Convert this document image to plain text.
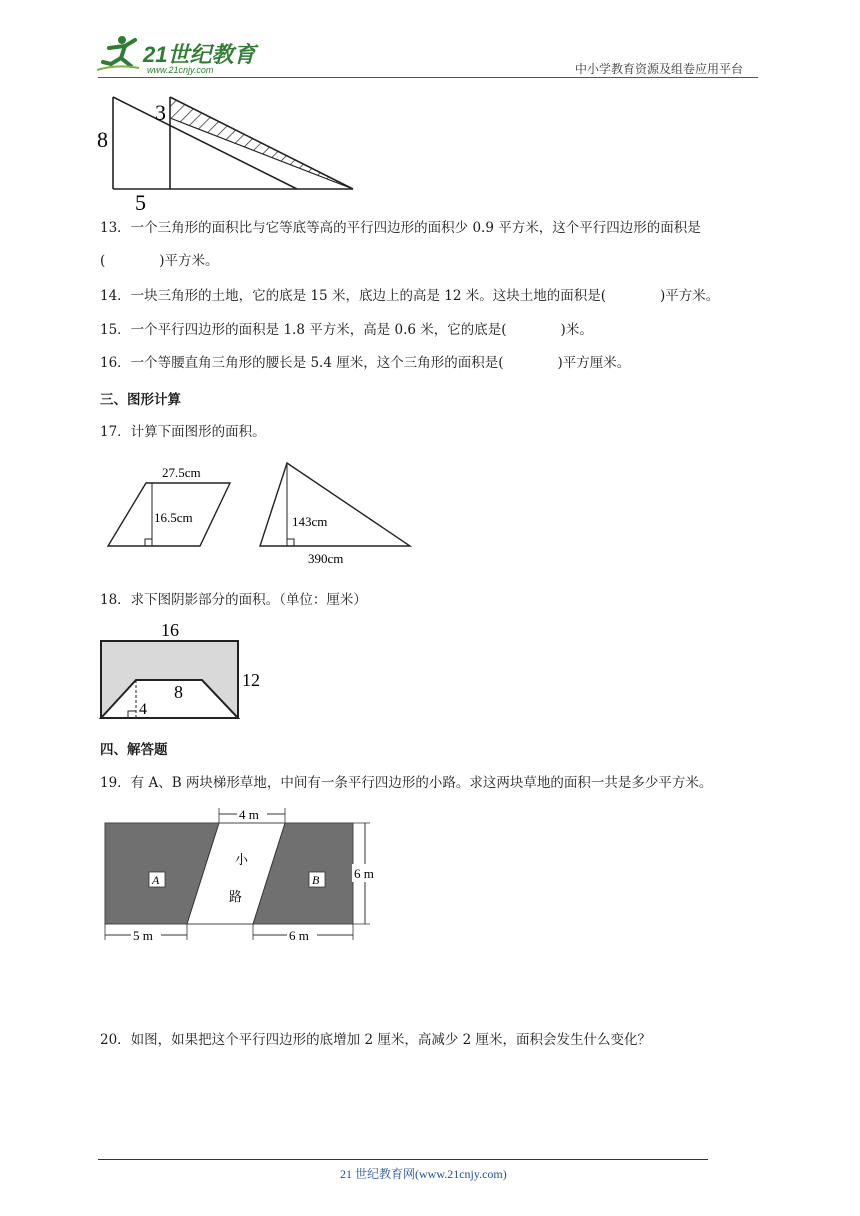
21世纪教育
www.21cnjy.com	中小学教育资源及组卷应用平台
8
3
5
13．一个三角形的面积比与它等底等高的平行四边形的面积少 0.9 平方米，这个平行四边形的面积是
(　　　　)平方米。
14．一块三角形的土地，它的底是 15 米，底边上的高是 12 米。这块土地的面积是(　　　　)平方米。
15．一个平行四边形的面积是 1.8 平方米，高是 0.6 米，它的底是(　　　　)米。
16．一个等腰直角三角形的腰长是 5.4 厘米，这个三角形的面积是(　　　　)平方厘米。
三、图形计算
17．计算下面图形的面积。
27.5cm
16.5cm	143cm
390cm
18．求下图阴影部分的面积。（单位：厘米）
16
12
8
4
四、解答题
19．有 A、B 两块梯形草地，中间有一条平行四边形的小路。求这两块草地的面积一共是多少平方米。
4 m
6 m
5 m	6 m
A	B
小
路
20．如图，如果把这个平行四边形的底增加 2 厘米，高减少 2 厘米，面积会发生什么变化？
21 世纪教育网(www.21cnjy.com)
